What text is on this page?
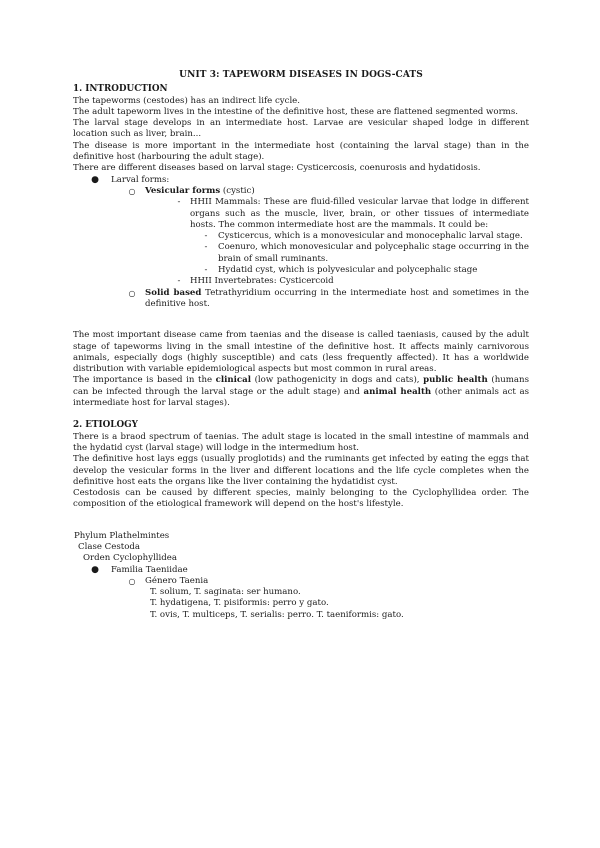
UNIT 3: TAPEWORM DISEASES IN DOGS-CATS
1. INTRODUCTION

The tapeworms (cestodes) has an indirect life cycle.

The adult tapeworm lives in the intestine of the definitive host, these are flattened segmented worms.

The larval stage develops in an intermediate host. Larvae are vesicular shaped lodge in different location such as liver, brain...

The disease is more important in the intermediate host (containing the larval stage) than in the definitive host (harbouring the adult stage).

There are different diseases based on larval stage: Cysticercosis, coenurosis and hydatidosis.

● Larval forms:
○ Vesicular forms (cystic)
-	HHII Mammals: These are fluid-filled vesicular larvae that lodge in different organs such as the muscle, liver, brain, or other tissues of intermediate hosts. The common intermediate host are the mammals. It could be:
-	Cysticercus, which is a monovesicular and monocephalic larval stage.
-	Coenuro, which monovesicular and polycephalic stage occurring in the brain of small ruminants.
-	Hydatid cyst, which is polyvesicular and polycephalic stage
-	HHII Invertebrates: Cysticercoid
○ Solid based Tetrathyridium occurring in the intermediate host and sometimes in the definitive host.

The most important disease came from taenias and the disease is called taeniasis, caused by the adult stage of tapeworms living in the small intestine of the definitive host. It affects mainly carnivorous animals, especially dogs (highly susceptible) and cats (less frequently affected). It has a worldwide distribution with variable epidemiological aspects but most common in rural areas.

The importance is based in the clinical (low pathogenicity in dogs and cats), public health (humans can be infected through the larval stage or the adult stage) and animal health (other animals act as intermediate host for larval stages).

2. ETIOLOGY

There is a braod spectrum of taenias. The adult stage is located in the small intestine of mammals and the hydatid cyst (larval stage) will lodge in the intermedium host.

The definitive host lays eggs (usually proglotids) and the ruminants get infected by eating the eggs that develop the vesicular forms in the liver and different locations and the life cycle completes when the definitive host eats the organs like the liver containing the hydatidist cyst.

Cestodosis can be caused by different species, mainly belonging to the Cyclophyllidea order. The composition of the etiological framework will depend on the host's lifestyle.

Phylum Plathelmintes
Clase Cestoda
Orden Cyclophyllidea
● Familia Taeniidae
○ Género Taenia
T. solium, T. saginata: ser humano.
T. hydatigena, T. pisiformis: perro y gato.
T. ovis, T. multiceps, T. serialis: perro. T. taeniformis: gato.
